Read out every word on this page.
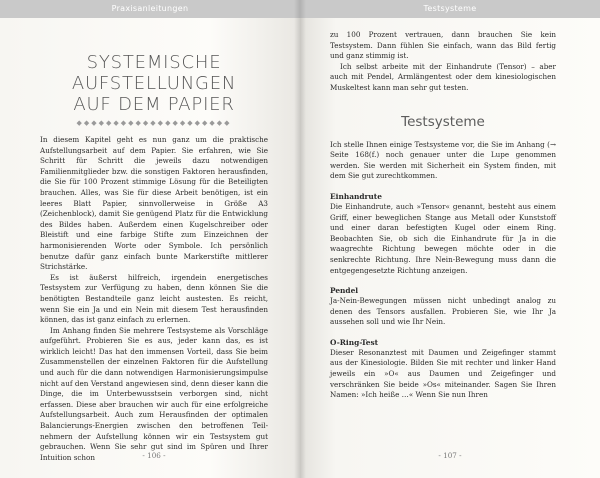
Praxisanleitungen
SYSTEMISCHE AUFSTELLUNGEN
AUF DEM PAPIER
◆◆◆◆◆◆◆◆◆◆◆◆◆◆◆◆◆◆◆◆◆

In diesem Kapitel geht es nun ganz um die praktische Aufstellungsarbeit auf dem Papier. Sie erfahren, wie Sie Schritt für Schritt die jeweils dazu notwendigen Familienmitglieder bzw. die sonstigen Faktoren herausfinden, die Sie für 100 Prozent stimmige Lösung für die Beteiligten brauchen. Alles, was Sie für diese Arbeit benötigen, ist ein leeres Blatt Papier, sinnvollerweise in Größe A3 (Zeichenblock), damit Sie genügend Platz für die Entwicklung des Bildes haben. Außerdem einen Kugelschreiber oder Bleistift und eine farbige Stifte zum Einzeichnen der harmonisierenden Worte oder Symbole. Ich persönlich benutze dafür ganz einfach bunte Markerstifte mittlerer Strichstärke.

Es ist äußerst hilfreich, irgendein energetisches Testsystem zur Verfügung zu haben, denn können Sie die benötigten Bestandteile ganz leicht austesten. Es reicht, wenn Sie ein Ja und ein Nein mit diesem Test herausfinden können, das ist ganz einfach zu erlernen.

Im Anhang finden Sie mehrere Testsysteme als Vorschläge aufgeführt. Probieren Sie es aus, jeder kann das, es ist wirklich leicht! Das hat den immensen Vorteil, dass Sie beim Zusammenstellen der einzelnen Faktoren für die Aufstellung und auch für die dann notwendigen Harmonisierungsimpulse nicht auf den Verstand angewiesen sind, denn dieser kann die Dinge, die im Unterbewusstsein verborgen sind, nicht erfassen. Diese aber brauchen wir auch für eine erfolgreiche Aufstellungsarbeit. Auch zum Herausfinden der optimalen Balancierungs-Energien zwischen den betroffenen Teilnehmern der Aufstellung können wir ein Testsystem gut gebrauchen. Wenn Sie sehr gut sind im Spüren und Ihrer Intuition schon	- 106 -
Testsysteme

zu 100 Prozent vertrauen, dann brauchen Sie kein Testsystem. Dann fühlen Sie einfach, wann das Bild fertig und ganz stimmig ist.

Ich selbst arbeite mit der Einhandrute (Tensor) – aber auch mit Pendel, Armlängentest oder dem kinesiologischen Muskeltest kann man sehr gut testen.

Testsysteme

Ich stelle Ihnen einige Testsysteme vor, die Sie im Anhang (→ Seite 168(f.) noch genauer unter die Lupe genommen werden. Sie werden mit Sicherheit ein System finden, mit dem Sie gut zurechtkommen.

Einhandrute

Die Einhandrute, auch »Tensor« genannt, besteht aus einem Griff, einer beweglichen Stange aus Metall oder Kunststoff und einer daran befestigten Kugel oder einem Ring. Beobachten Sie, ob sich die Einhandrute für Ja in die waagrechte Richtung bewegen möchte oder in die senkrechte Richtung. Ihre Nein-Bewegung muss dann die entgegengesetzte Richtung anzeigen.

Pendel

Ja-Nein-Bewegungen müssen nicht unbedingt analog zu denen des Tensors ausfallen. Probieren Sie, wie Ihr Ja aussehen soll und wie Ihr Nein.

O-Ring-Test

Dieser Resonanztest mit Daumen und Zeigefinger stammt aus der Kinesiologie. Bilden Sie mit rechter und linker Hand jeweils ein »O« aus Daumen und Zeigefinger und verschränken Sie beide »Os« miteinander. Sagen Sie Ihren Namen: »Ich heiße …« Wenn Sie nun Ihren

- 107 -
